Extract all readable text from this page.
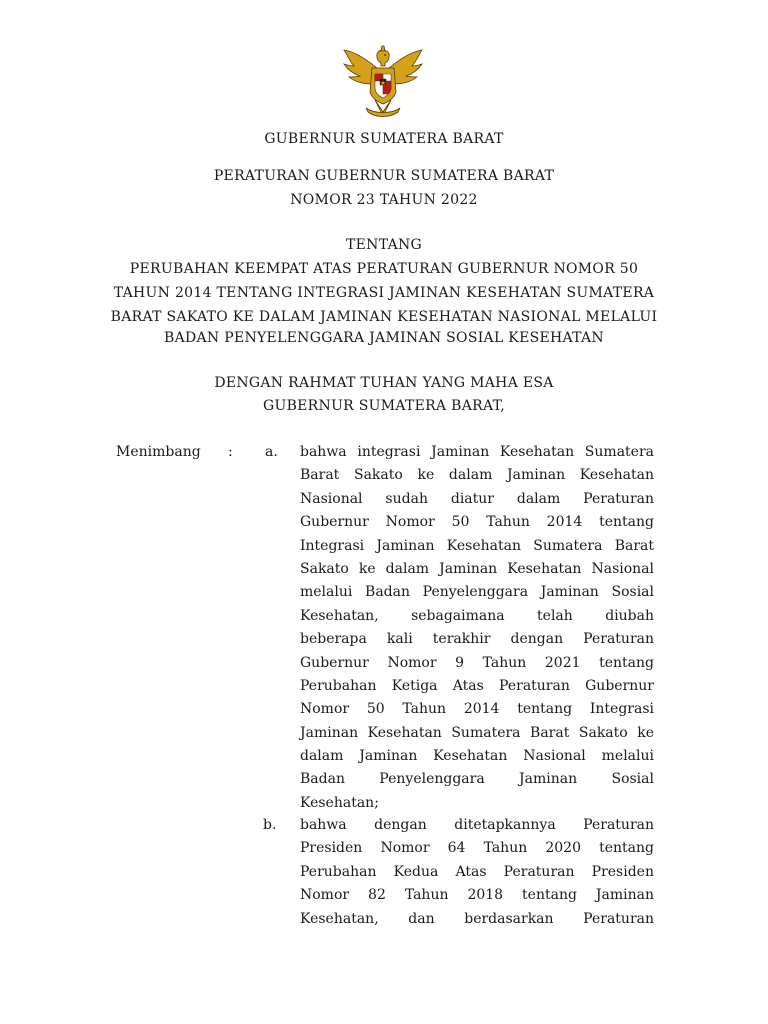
GUBERNUR SUMATERA BARAT
PERATURAN GUBERNUR SUMATERA BARAT
NOMOR 23 TAHUN 2022
TENTANG
PERUBAHAN KEEMPAT ATAS PERATURAN GUBERNUR NOMOR 50
TAHUN 2014 TENTANG INTEGRASI JAMINAN KESEHATAN SUMATERA
BARAT SAKATO KE DALAM JAMINAN KESEHATAN NASIONAL MELALUI
BADAN PENYELENGGARA JAMINAN SOSIAL KESEHATAN
DENGAN RAHMAT TUHAN YANG MAHA ESA
GUBERNUR SUMATERA BARAT,
Menimbang : a. bahwa integrasi Jaminan Kesehatan Sumatera
Barat Sakato ke dalam Jaminan Kesehatan
Nasional sudah diatur dalam Peraturan
Gubernur Nomor 50 Tahun 2014 tentang
Integrasi Jaminan Kesehatan Sumatera Barat
Sakato ke dalam Jaminan Kesehatan Nasional
melalui Badan Penyelenggara Jaminan Sosial
Kesehatan, sebagaimana telah diubah
beberapa kali terakhir dengan Peraturan
Gubernur Nomor 9 Tahun 2021 tentang
Perubahan Ketiga Atas Peraturan Gubernur
Nomor 50 Tahun 2014 tentang Integrasi
Jaminan Kesehatan Sumatera Barat Sakato ke
dalam Jaminan Kesehatan Nasional melalui
Badan Penyelenggara Jaminan Sosial
Kesehatan;
b. bahwa dengan ditetapkannya Peraturan
Presiden Nomor 64 Tahun 2020 tentang
Perubahan Kedua Atas Peraturan Presiden
Nomor 82 Tahun 2018 tentang Jaminan
Kesehatan, dan berdasarkan Peraturan
